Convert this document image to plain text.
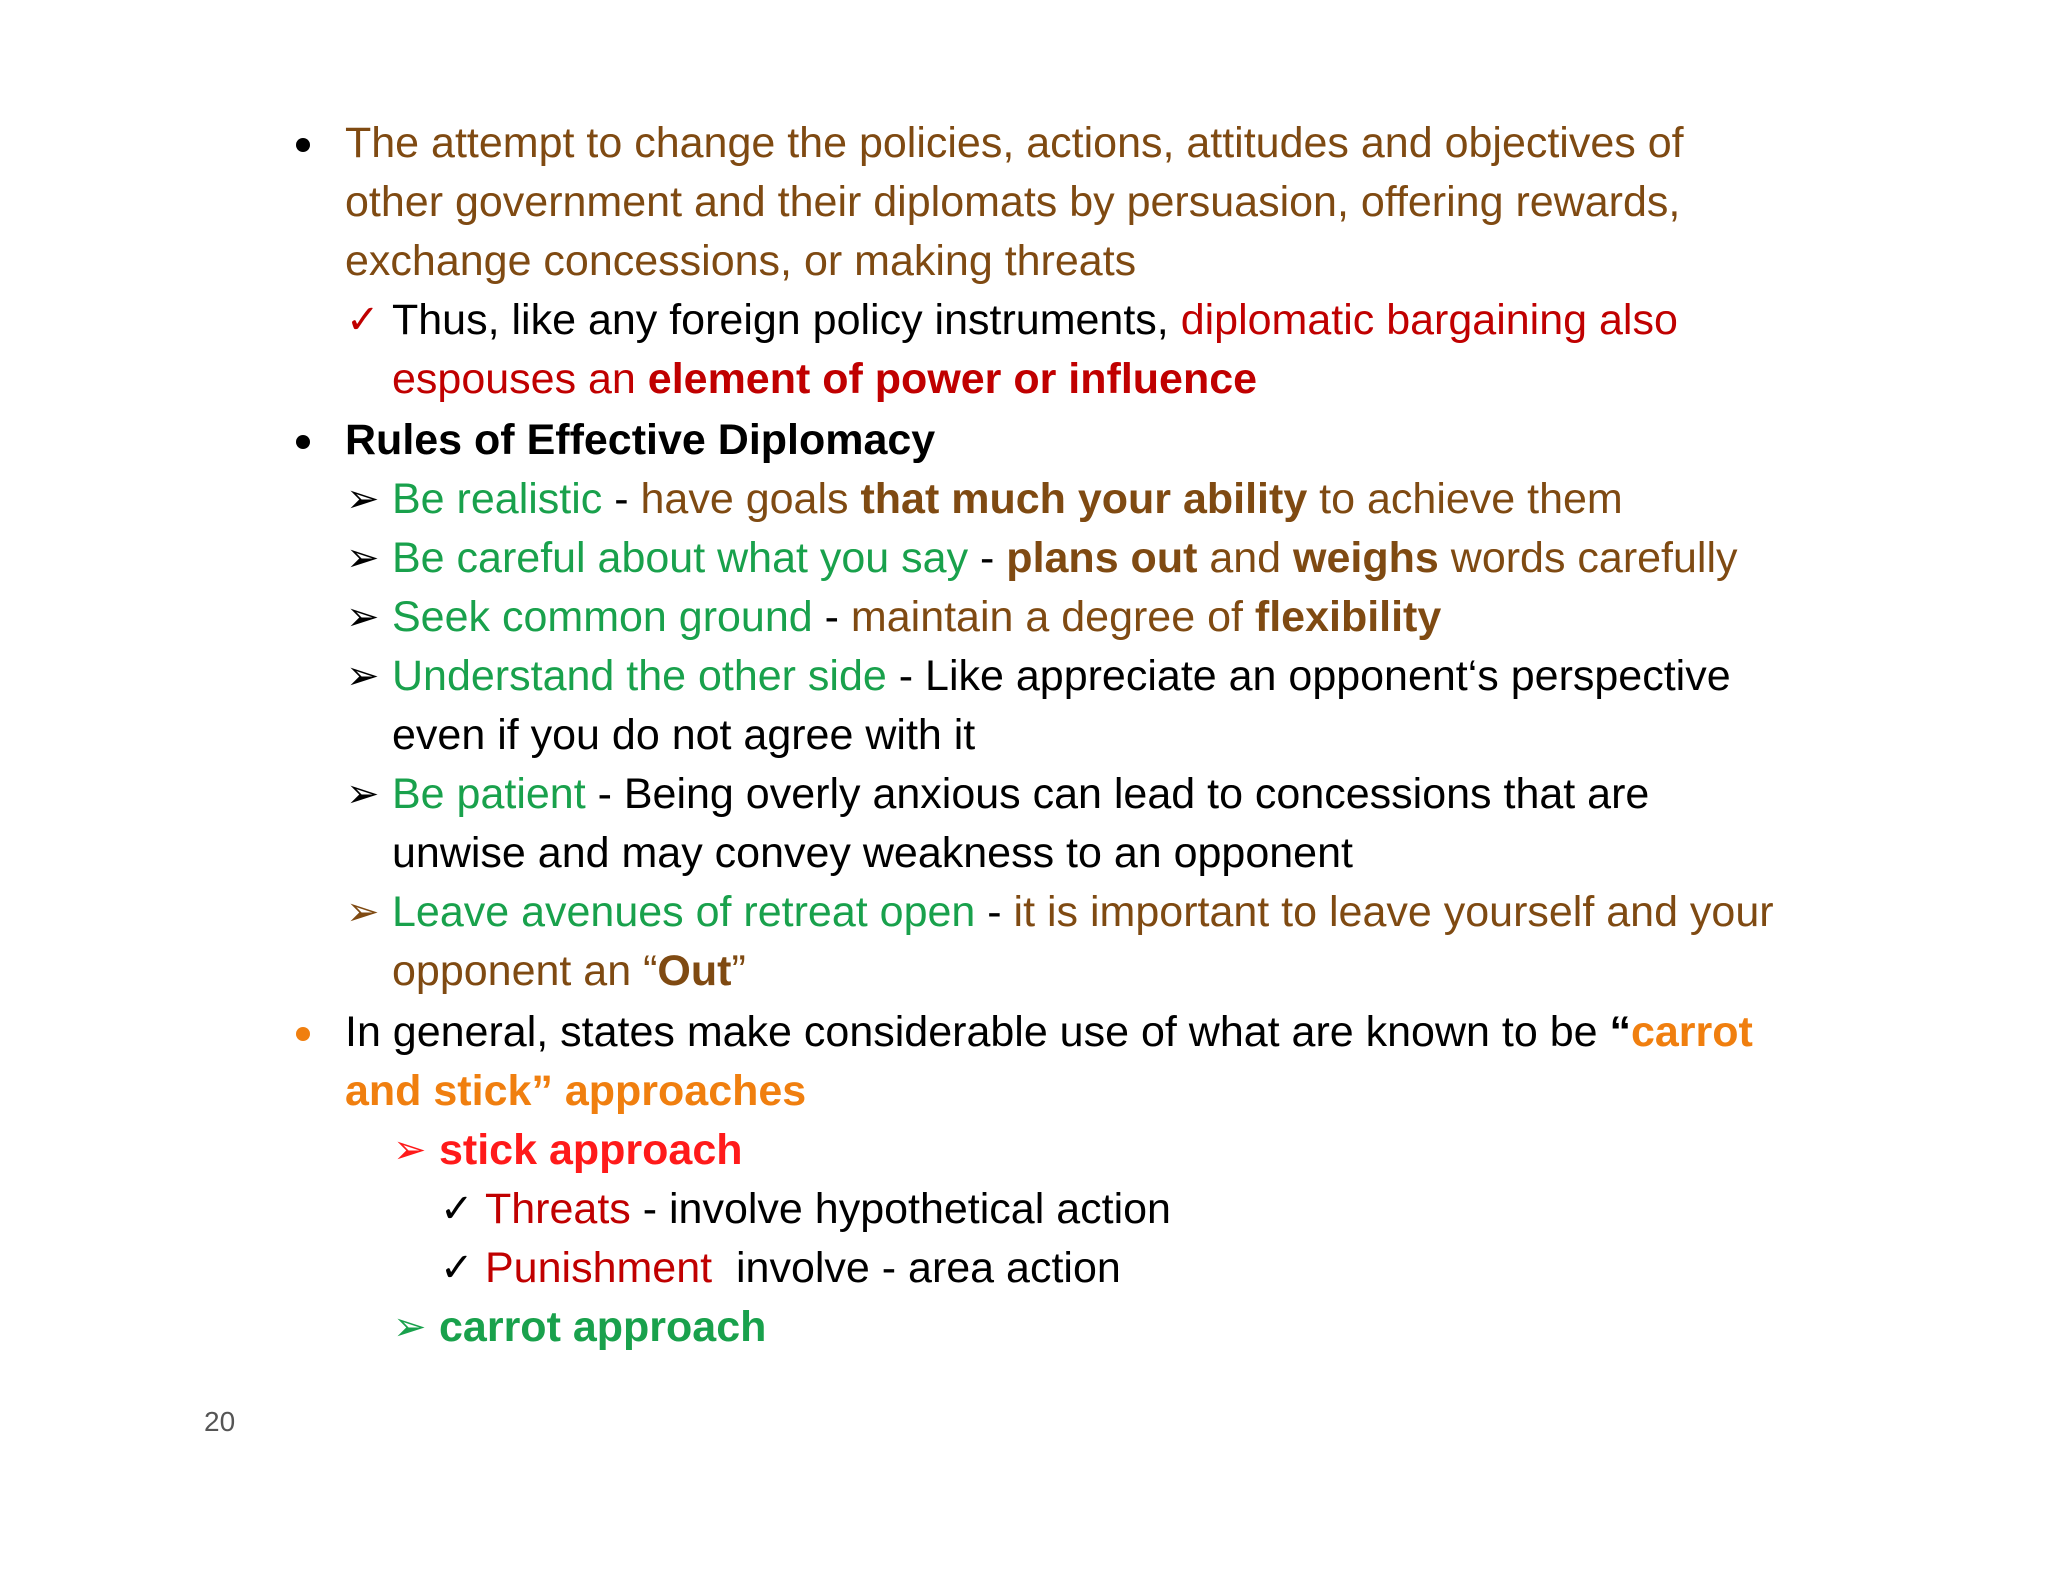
The attempt to change the policies, actions, attitudes and objectives of
other government and their diplomats by persuasion, offering rewards,
exchange concessions, or making threats
✓ Thus, like any foreign policy instruments, diplomatic bargaining also
espouses an element of power or influence
Rules of Effective Diplomacy
➢ Be realistic - have goals that much your ability to achieve them
➢ Be careful about what you say - plans out and weighs words carefully
➢ Seek common ground - maintain a degree of flexibility
➢ Understand the other side - Like appreciate an opponent‘s perspective
even if you do not agree with it
➢ Be patient - Being overly anxious can lead to concessions that are
unwise and may convey weakness to an opponent
➢ Leave avenues of retreat open - it is important to leave yourself and your
opponent an “Out”
In general, states make considerable use of what are known to be “carrot
and stick” approaches
➢ stick approach
✓ Threats - involve hypothetical action
✓ Punishment  involve - area action
➢ carrot approach
20
